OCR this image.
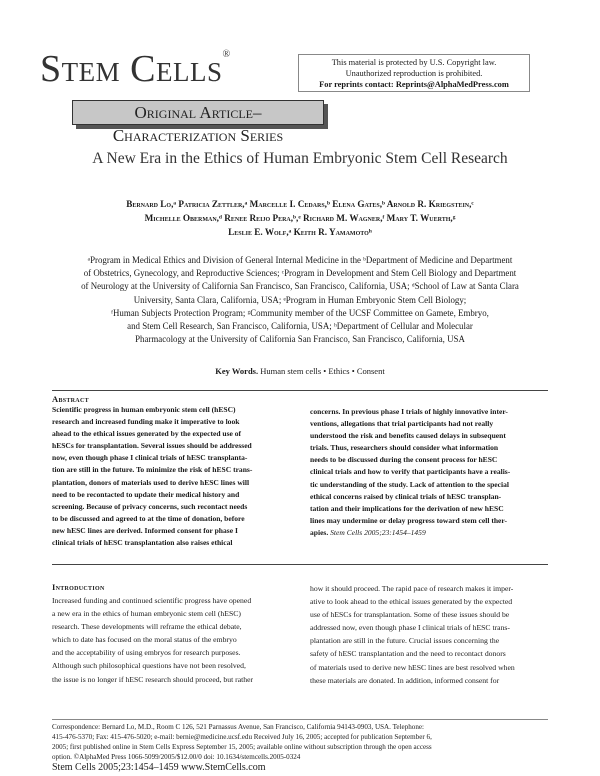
Stem Cells®
This material is protected by U.S. Copyright law.
Unauthorized reproduction is prohibited.
For reprints contact: Reprints@AlphaMedPress.com
Original Article–Characterization Series
A New Era in the Ethics of Human Embryonic Stem Cell Research
Bernard Lo,ᵃ Patricia Zettler,ᵃ Marcelle I. Cedars,ᵇ Elena Gates,ᵇ Arnold R. Kriegstein,ᶜ
Michelle Oberman,ᵈ Renee Reijo Pera,ᵇ,ᵉ Richard M. Wagner,ᶠ Mary T. Wuerth,ᵍ
Leslie E. Wolf,ᵃ Keith R. Yamamotoʰ
ᵃProgram in Medical Ethics and Division of General Internal Medicine in the ᵇDepartment of Medicine and Department
of Obstetrics, Gynecology, and Reproductive Sciences; ᶜProgram in Development and Stem Cell Biology and Department
of Neurology at the University of California San Francisco, San Francisco, California, USA; ᵈSchool of Law at Santa Clara
University, Santa Clara, California, USA; ᵉProgram in Human Embryonic Stem Cell Biology;
ᶠHuman Subjects Protection Program; ᵍCommunity member of the UCSF Committee on Gamete, Embryo,
and Stem Cell Research, San Francisco, California, USA; ʰDepartment of Cellular and Molecular
Pharmacology at the University of California San Francisco, San Francisco, California, USA
Key Words. Human stem cells • Ethics • Consent
Abstract
Scientific progress in human embryonic stem cell (hESC)
research and increased funding make it imperative to look
ahead to the ethical issues generated by the expected use of
hESCs for transplantation. Several issues should be addressed
now, even though phase I clinical trials of hESC transplanta-
tion are still in the future. To minimize the risk of hESC trans-
plantation, donors of materials used to derive hESC lines will
need to be recontacted to update their medical history and
screening. Because of privacy concerns, such recontact needs
to be discussed and agreed to at the time of donation, before
new hESC lines are derived. Informed consent for phase I
clinical trials of hESC transplantation also raises ethical
concerns. In previous phase I trials of highly innovative inter-
ventions, allegations that trial participants had not really
understood the risk and benefits caused delays in subsequent
trials. Thus, researchers should consider what information
needs to be discussed during the consent process for hESC
clinical trials and how to verify that participants have a realis-
tic understanding of the study. Lack of attention to the special
ethical concerns raised by clinical trials of hESC transplan-
tation and their implications for the derivation of new hESC
lines may undermine or delay progress toward stem cell ther-
apies. Stem Cells 2005;23:1454–1459
Introduction
Increased funding and continued scientific progress have opened
a new era in the ethics of human embryonic stem cell (hESC)
research. These developments will reframe the ethical debate,
which to date has focused on the moral status of the embryo
and the acceptability of using embryos for research purposes.
Although such philosophical questions have not been resolved,
the issue is no longer if hESC research should proceed, but rather
how it should proceed. The rapid pace of research makes it imper-
ative to look ahead to the ethical issues generated by the expected
use of hESCs for transplantation. Some of these issues should be
addressed now, even though phase I clinical trials of hESC trans-
plantation are still in the future. Crucial issues concerning the
safety of hESC transplantation and the need to recontact donors
of materials used to derive new hESC lines are best resolved when
these materials are donated. In addition, informed consent for
Correspondence: Bernard Lo, M.D., Room C 126, 521 Parnassus Avenue, San Francisco, California 94143-0903, USA. Telephone:
415-476-5370; Fax: 415-476-5020; e-mail: bernie@medicine.ucsf.edu Received July 16, 2005; accepted for publication September 6,
2005; first published online in Stem Cells Express September 15, 2005; available online without subscription through the open access
option. ©AlphaMed Press 1066-5099/2005/$12.00/0 doi: 10.1634/stemcells.2005-0324
Stem Cells 2005;23:1454–1459 www.StemCells.com
